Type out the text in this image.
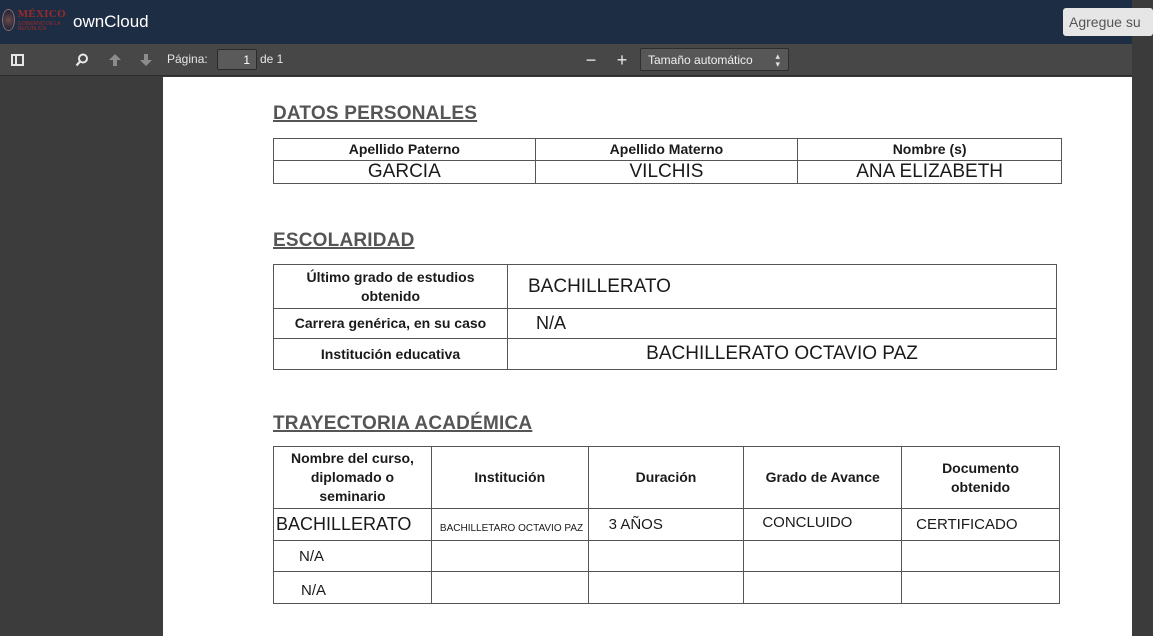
MÉXICO
GOBIERNO DE LA REPÚBLICA	ownCloud	Agregue su
Página:	1 de 1	−	+	Tamaño automático	▴
▾
DATOS PERSONALES
Apellido Paterno	Apellido Materno	Nombre (s)
GARCIA	VILCHIS	ANA ELIZABETH
ESCOLARIDAD
Último grado de estudios obtenido	BACHILLERATO
Carrera genérica, en su caso	N/A
Institución educativa	BACHILLERATO OCTAVIO PAZ
TRAYECTORIA ACADÉMICA
Nombre del curso, diplomado o seminario	Institución	Duración	Grado de Avance	Documento obtenido
BACHILLERATO	BACHILLETARO OCTAVIO PAZ	3 AÑOS	CONCLUIDO	CERTIFICADO
N/A				
N/A				
